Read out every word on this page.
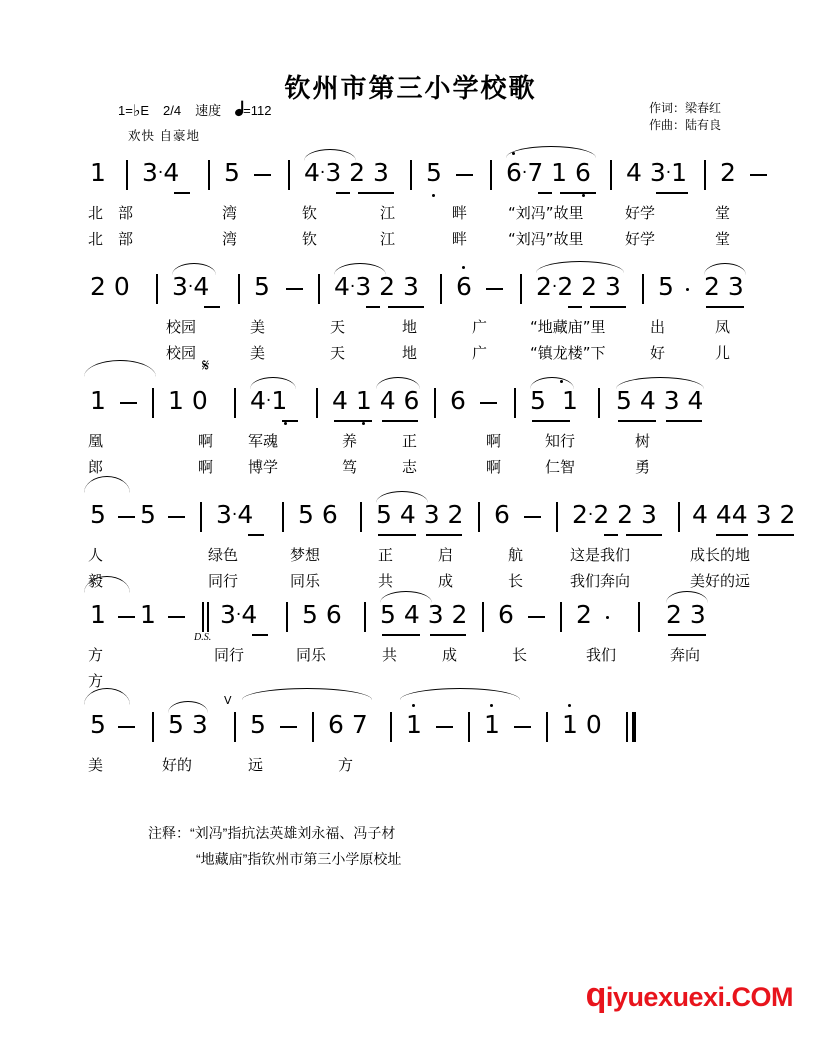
钦州市第三小学校歌
1=♭E 2/4 速度 =112
欢快 自豪地
作词：梁春红
作曲：陆有良
1 3·4 5	4·3 2 3 5	6·7 1 6 4 3·1 2
北　部	湾	钦	江	畔	“刘冯”故里	好学	堂
北　部	湾	钦	江	畔	“刘冯”故里	好学	堂
2 0 3·4 5	4·3 2 3 6	2·2 2 3 5 2 3
校园	美	天	地	广	“地藏庙”里	出	凤
校园	美	天	地	广	“镇龙楼”下	好	儿
1 1 0
𝄋
4·1 4 1 4 6 6	5 1 5 4 3 4
凰	啊 军魂	养	正	啊	知行	树
郎	啊 博学	笃	志	啊	仁智	勇
5 5 3·4 5 6 5 4 3 2 6 2·2 2 3 4 44 3 2
人	绿色	梦想	正	启	航	这是我们	成长的地
毅	同行	同乐	共	成	长	我们奔向	美好的远
1 1
D.S.
3·4 5 6 5 4 3 2 6 2	2 3
方	同行	同乐	共	成	长	我们	奔向
方
5 5 3
V
5 6 7 1 1 1 0
美	好的	远	方
注释：“刘冯”指抗法英雄刘永福、冯子材
“地藏庙”指钦州市第三小学原校址
qiyuexuexi.COM
